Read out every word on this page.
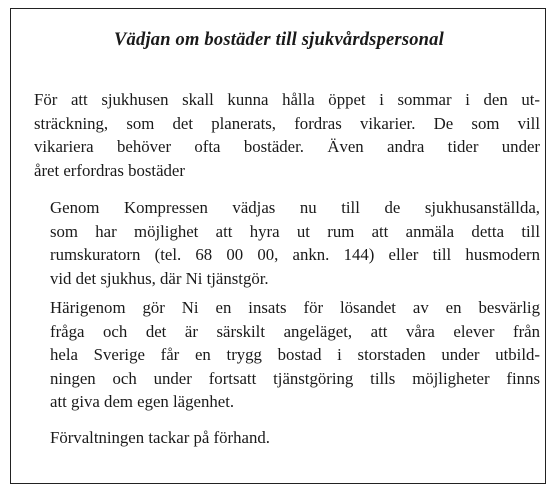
Vädjan om bostäder till sjukvårdspersonal
För att sjukhusen skall kunna hålla öppet i sommar i den ut-
sträckning, som det planerats, fordras vikarier. De som vill
vikariera behöver ofta bostäder. Även andra tider under
året erfordras bostäder
Genom Kompressen vädjas nu till de sjukhusanställda,
som har möjlighet att hyra ut rum att anmäla detta till
rumskuratorn (tel. 68 00 00, ankn. 144) eller till husmodern
vid det sjukhus, där Ni tjänstgör.
Härigenom gör Ni en insats för lösandet av en besvärlig
fråga och det är särskilt angeläget, att våra elever från
hela Sverige får en trygg bostad i storstaden under utbild-
ningen och under fortsatt tjänstgöring tills möjligheter finns
att giva dem egen lägenhet.
Förvaltningen tackar på förhand.
